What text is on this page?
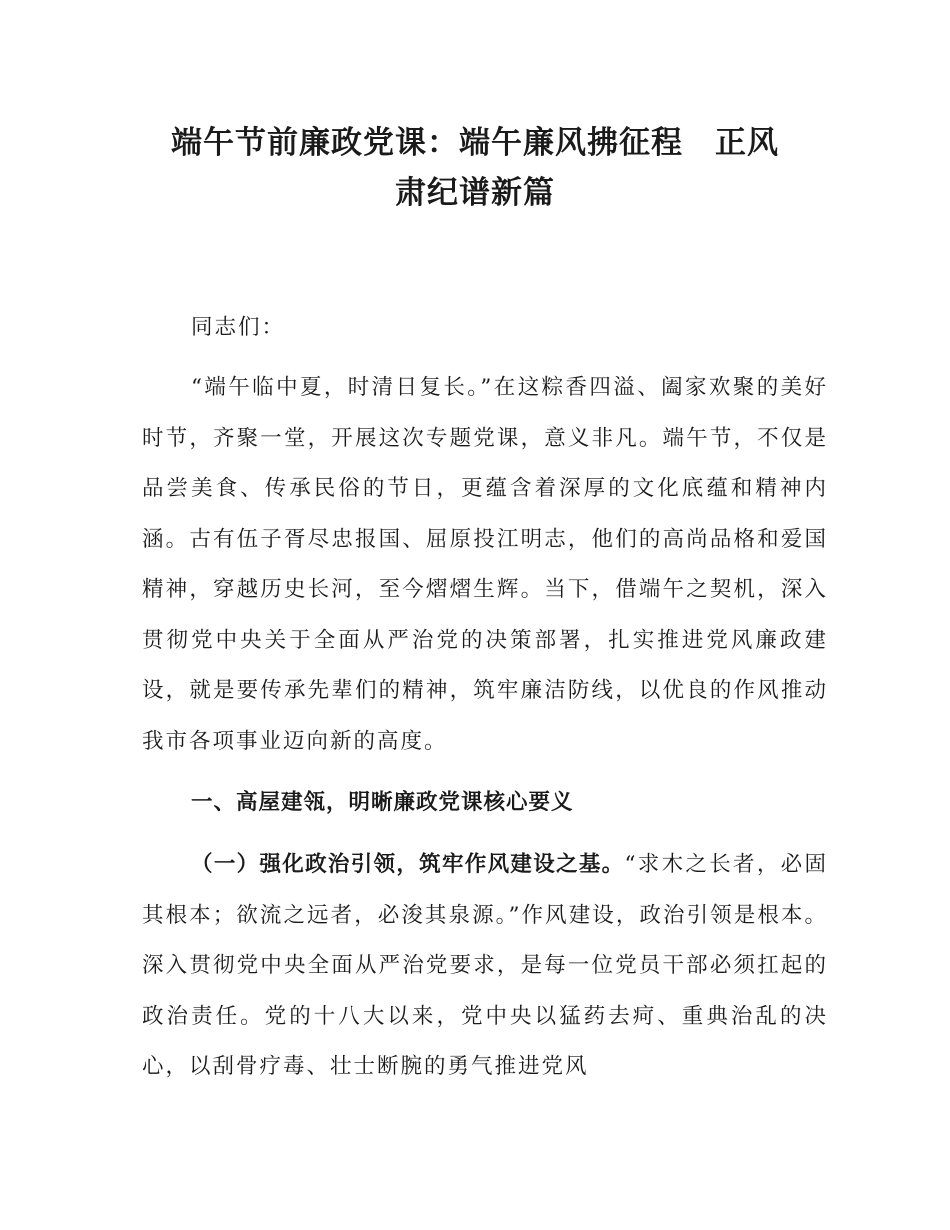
端午节前廉政党课：端午廉风拂征程　正风
肃纪谱新篇

同志们：

“端午临中夏，时清日复长。”在这粽香四溢、阖家欢聚的美好时节，齐聚一堂，开展这次专题党课，意义非凡。端午节，不仅是品尝美食、传承民俗的节日，更蕴含着深厚的文化底蕴和精神内涵。古有伍子胥尽忠报国、屈原投江明志，他们的高尚品格和爱国精神，穿越历史长河，至今熠熠生辉。当下，借端午之契机，深入贯彻党中央关于全面从严治党的决策部署，扎实推进党风廉政建设，就是要传承先辈们的精神，筑牢廉洁防线，以优良的作风推动我市各项事业迈向新的高度。

一、高屋建瓴，明晰廉政党课核心要义

（一）强化政治引领，筑牢作风建设之基。“求木之长者，必固其根本；欲流之远者，必浚其泉源。”作风建设，政治引领是根本。深入贯彻党中央全面从严治党要求，是每一位党员干部必须扛起的政治责任。党的十八大以来，党中央以猛药去疴、重典治乱的决心，以刮骨疗毒、壮士断腕的勇气推进党风
